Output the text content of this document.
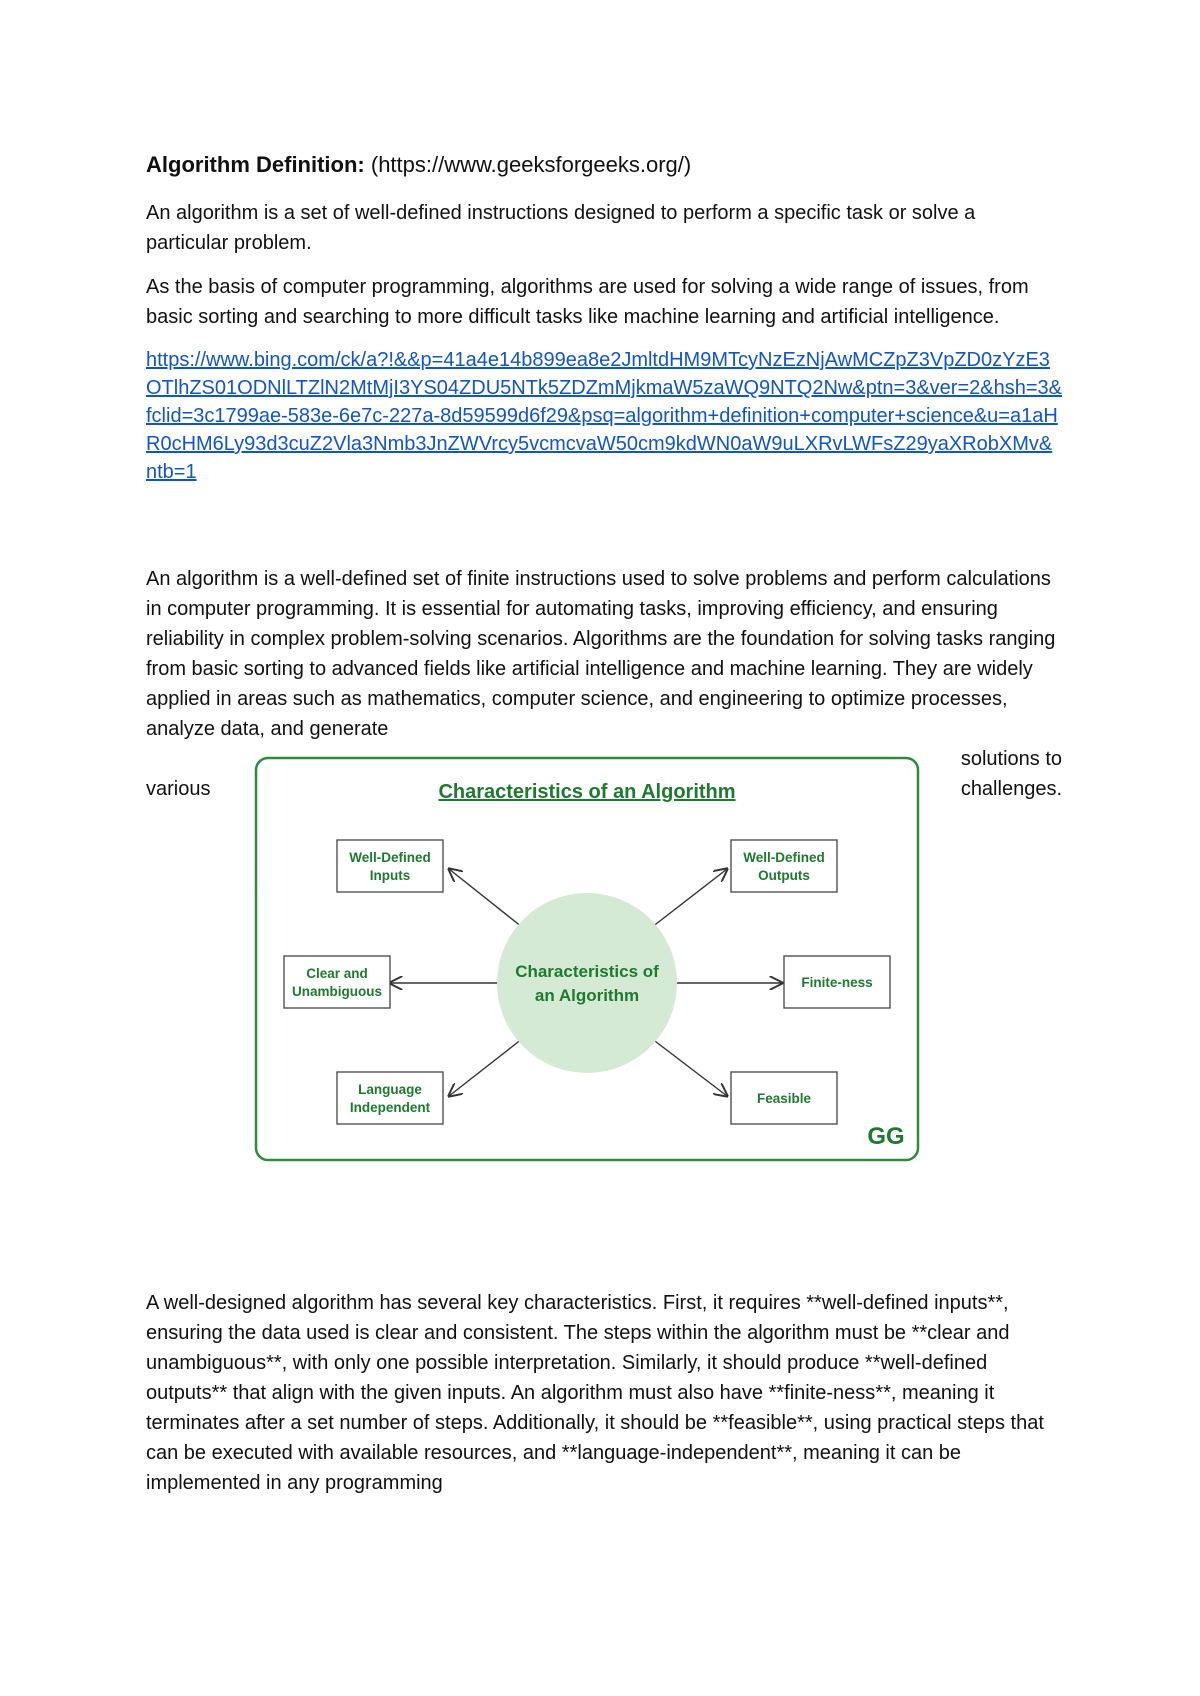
Algorithm Definition: (https://www.geeksforgeeks.org/)

An algorithm is a set of well-defined instructions designed to perform a specific task or solve a particular problem.

As the basis of computer programming, algorithms are used for solving a wide range of issues, from basic sorting and searching to more difficult tasks like machine learning and artificial intelligence.

https://www.bing.com/ck/a?!&&p=41a4e14b899ea8e2JmltdHM9MTcyNzEzNjAwMCZpZ3VpZD0zYzE3OTlhZS01ODNlLTZlN2MtMjI3YS04ZDU5NTk5ZDZmMjkmaW5zaWQ9NTQ2Nw&ptn=3&ver=2&hsh=3&fclid=3c1799ae-583e-6e7c-227a-8d59599d6f29&psq=algorithm+definition+computer+science&u=a1aHR0cHM6Ly93d3cuZ2Vla3Nmb3JnZWVrcy5vcmcvaW50cm9kdWN0aW9uLXRvLWFsZ29yaXRobXMv&ntb=1

An algorithm is a well-defined set of finite instructions used to solve problems and perform calculations in computer programming. It is essential for automating tasks, improving efficiency, and ensuring reliability in complex problem-solving scenarios. Algorithms are the foundation for solving tasks ranging from basic sorting to advanced fields like artificial intelligence and machine learning. They are widely applied in areas such as mathematics, computer science, and engineering to optimize processes, analyze data, and generate

solutions to
various	challenges.
Characteristics of an Algorithm
Characteristics of
an Algorithm
Well-Defined
Inputs
Well-Defined
Outputs
Clear and
Unambiguous
Finite-ness
Language
Independent
Feasible
GG

A well-designed algorithm has several key characteristics. First, it requires **well-defined inputs**, ensuring the data used is clear and consistent. The steps within the algorithm must be **clear and unambiguous**, with only one possible interpretation. Similarly, it should produce **well-defined outputs** that align with the given inputs. An algorithm must also have **finite-ness**, meaning it terminates after a set number of steps. Additionally, it should be **feasible**, using practical steps that can be executed with available resources, and **language-independent**, meaning it can be implemented in any programming
